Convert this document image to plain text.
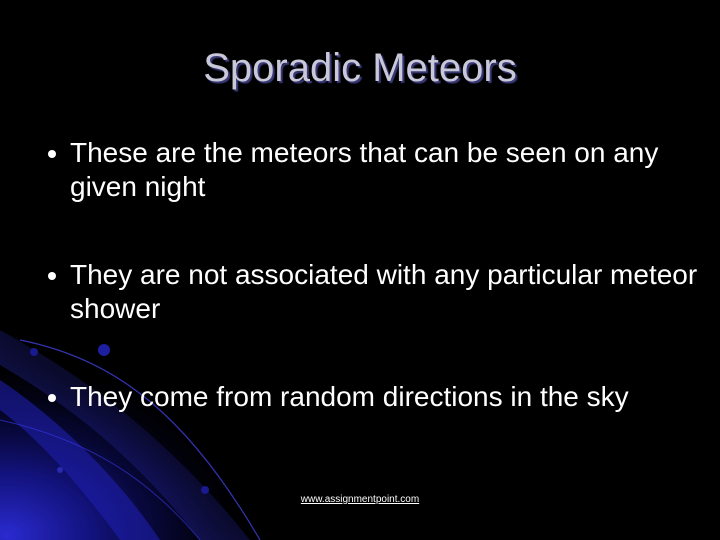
Sporadic Meteors
These are the meteors that can be seen on any given night
They are not associated with any particular meteor shower
They come from random directions in the sky
www.assignmentpoint.com
